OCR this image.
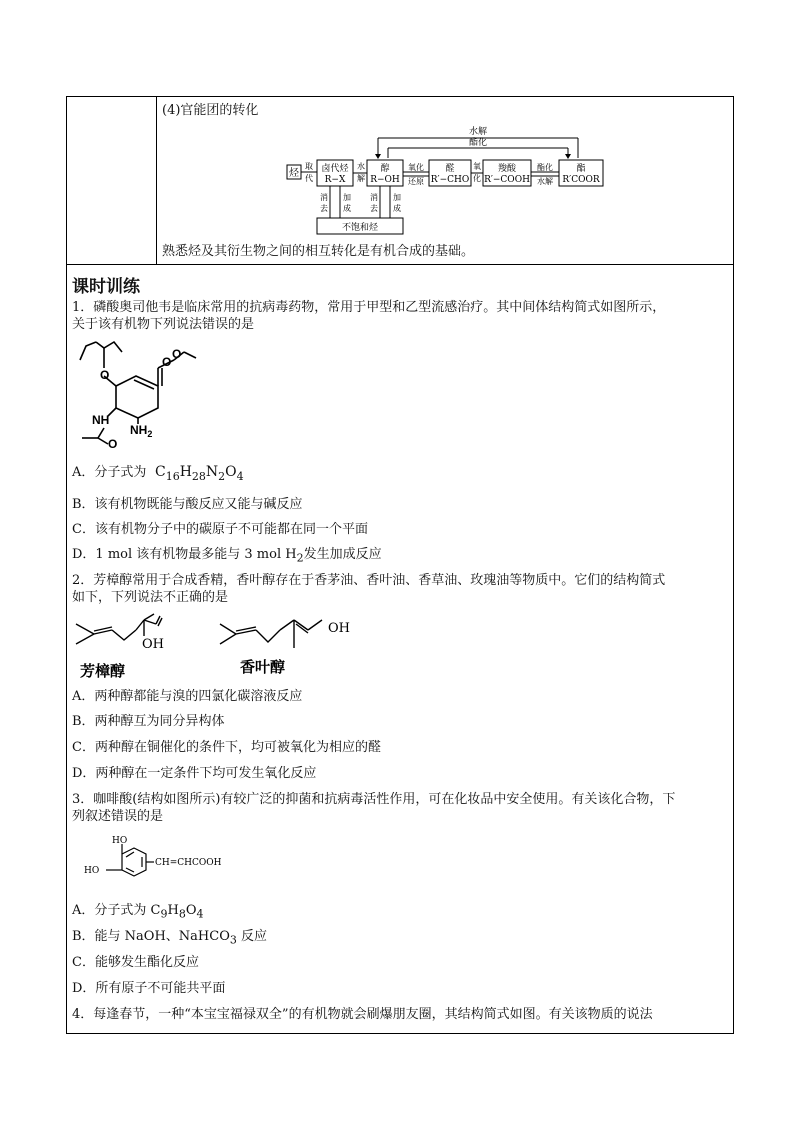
(4)官能团的转化
水解
酯化
烃
取
代
卤代烃
R−X
水
解
醇
R−OH
氧化
还原
醛
R′−CHO
氧
化
羧酸
R′−COOH
酯化
水解
酯
R′COOR
消
去
加
成
消
去
加
成
不饱和烃
熟悉烃及其衍生物之间的相互转化是有机合成的基础。
课时训练
1．磷酸奥司他韦是临床常用的抗病毒药物，常用于甲型和乙型流感治疗。其中间体结构简式如图所示，
关于该有机物下列说法错误的是
O
O
O
NH
$NH_2$
O
A．分子式为 $C_{16}H_{28}N_2O_4$
B．该有机物既能与酸反应又能与碱反应
C．该有机物分子中的碳原子不可能都在同一个平面
D．1 mol 该有机物最多能与 3 mol $H_2$发生加成反应
2．芳樟醇常用于合成香精，香叶醇存在于香茅油、香叶油、香草油、玫瑰油等物质中。它们的结构简式
如下，下列说法不正确的是
OH
OH
芳樟醇	香叶醇
A．两种醇都能与溴的四氯化碳溶液反应
B．两种醇互为同分异构体
C．两种醇在铜催化的条件下，均可被氧化为相应的醛
D．两种醇在一定条件下均可发生氧化反应
3．咖啡酸(结构如图所示)有较广泛的抑菌和抗病毒活性作用，可在化妆品中安全使用。有关该化合物，下
列叙述错误的是
HO
HO
CH=CHCOOH
A．分子式为 $C_9H_8O_4$
B．能与 NaOH、NaHCO$_3$ 反应
C．能够发生酯化反应
D．所有原子不可能共平面
4．每逢春节，一种“本宝宝福禄双全”的有机物就会刷爆朋友圈，其结构简式如图。有关该物质的说法
